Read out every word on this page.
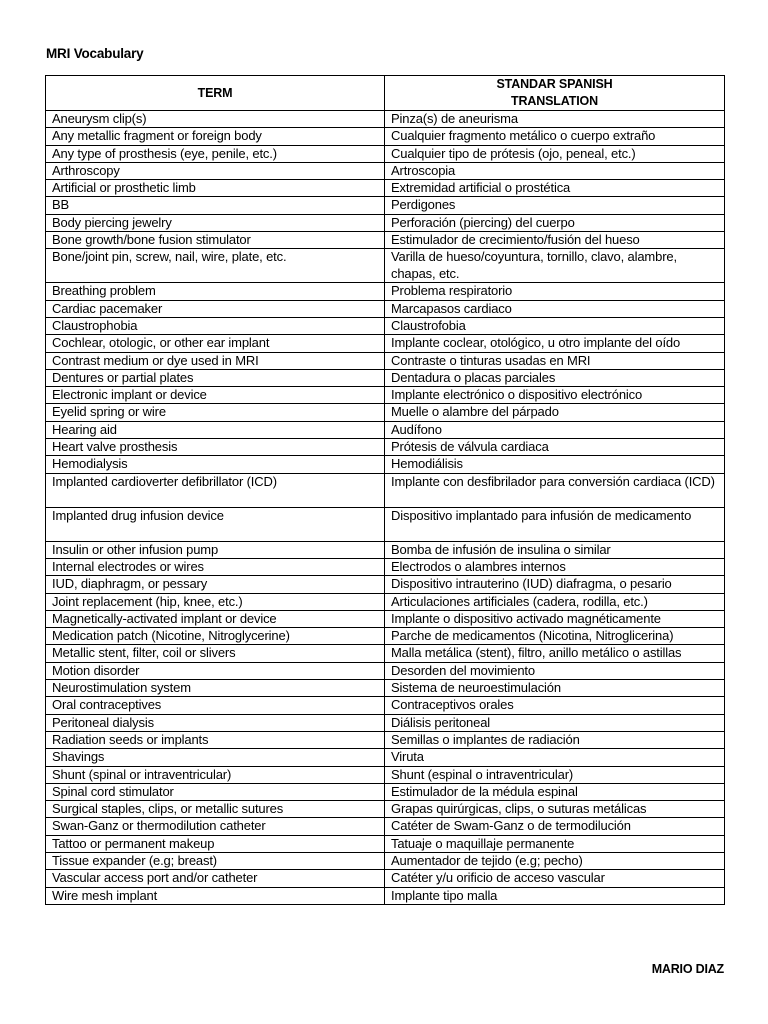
MRI Vocabulary
TERM	STANDAR SPANISH
TRANSLATION
Aneurysm clip(s)	Pinza(s) de aneurisma
Any metallic fragment or foreign body	Cualquier fragmento metálico o cuerpo extraño
Any type of prosthesis (eye, penile, etc.)	Cualquier tipo de prótesis (ojo, peneal, etc.)
Arthroscopy	Artroscopia
Artificial or prosthetic limb	Extremidad artificial o prostética
BB	Perdigones
Body piercing jewelry	Perforación (piercing) del cuerpo
Bone growth/bone fusion stimulator	Estimulador de crecimiento/fusión del hueso
Bone/joint pin, screw, nail, wire, plate, etc.	Varilla de hueso/coyuntura, tornillo, clavo, alambre, chapas, etc.
Breathing problem	Problema respiratorio
Cardiac pacemaker	Marcapasos cardiaco
Claustrophobia	Claustrofobia
Cochlear, otologic, or other ear implant	Implante coclear, otológico, u otro implante del oído
Contrast medium or dye used in MRI	Contraste o tinturas usadas en MRI
Dentures or partial plates	Dentadura o placas parciales
Electronic implant or device	Implante electrónico o dispositivo electrónico
Eyelid spring or wire	Muelle o alambre del párpado
Hearing aid	Audífono
Heart valve prosthesis	Prótesis de válvula cardiaca
Hemodialysis	Hemodiálisis
Implanted cardioverter defibrillator (ICD)	Implante con desfibrilador para conversión cardiaca (ICD)
Implanted drug infusion device	Dispositivo implantado para infusión de medicamento
Insulin or other infusion pump	Bomba de infusión de insulina o similar
Internal electrodes or wires	Electrodos o alambres internos
IUD, diaphragm, or pessary	Dispositivo intrauterino (IUD) diafragma, o pesario
Joint replacement (hip, knee, etc.)	Articulaciones artificiales (cadera, rodilla, etc.)
Magnetically-activated implant or device	Implante o dispositivo activado magnéticamente
Medication patch (Nicotine, Nitroglycerine)	Parche de medicamentos (Nicotina, Nitroglicerina)
Metallic stent, filter, coil or slivers	Malla metálica (stent), filtro, anillo metálico o astillas
Motion disorder	Desorden del movimiento
Neurostimulation system	Sistema de neuroestimulación
Oral contraceptives	Contraceptivos orales
Peritoneal dialysis	Diálisis peritoneal
Radiation seeds or implants	Semillas o implantes de radiación
Shavings	Viruta
Shunt (spinal or intraventricular)	Shunt (espinal o intraventricular)
Spinal cord stimulator	Estimulador de la médula espinal
Surgical staples, clips, or metallic sutures	Grapas quirúrgicas, clips, o suturas metálicas
Swan-Ganz or thermodilution catheter	Catéter de Swam-Ganz o de termodilución
Tattoo or permanent makeup	Tatuaje o maquillaje permanente
Tissue expander (e.g; breast)	Aumentador de tejido (e.g; pecho)
Vascular access port and/or catheter	Catéter y/u orificio de acceso vascular
Wire mesh implant	Implante tipo malla
MARIO DIAZ
